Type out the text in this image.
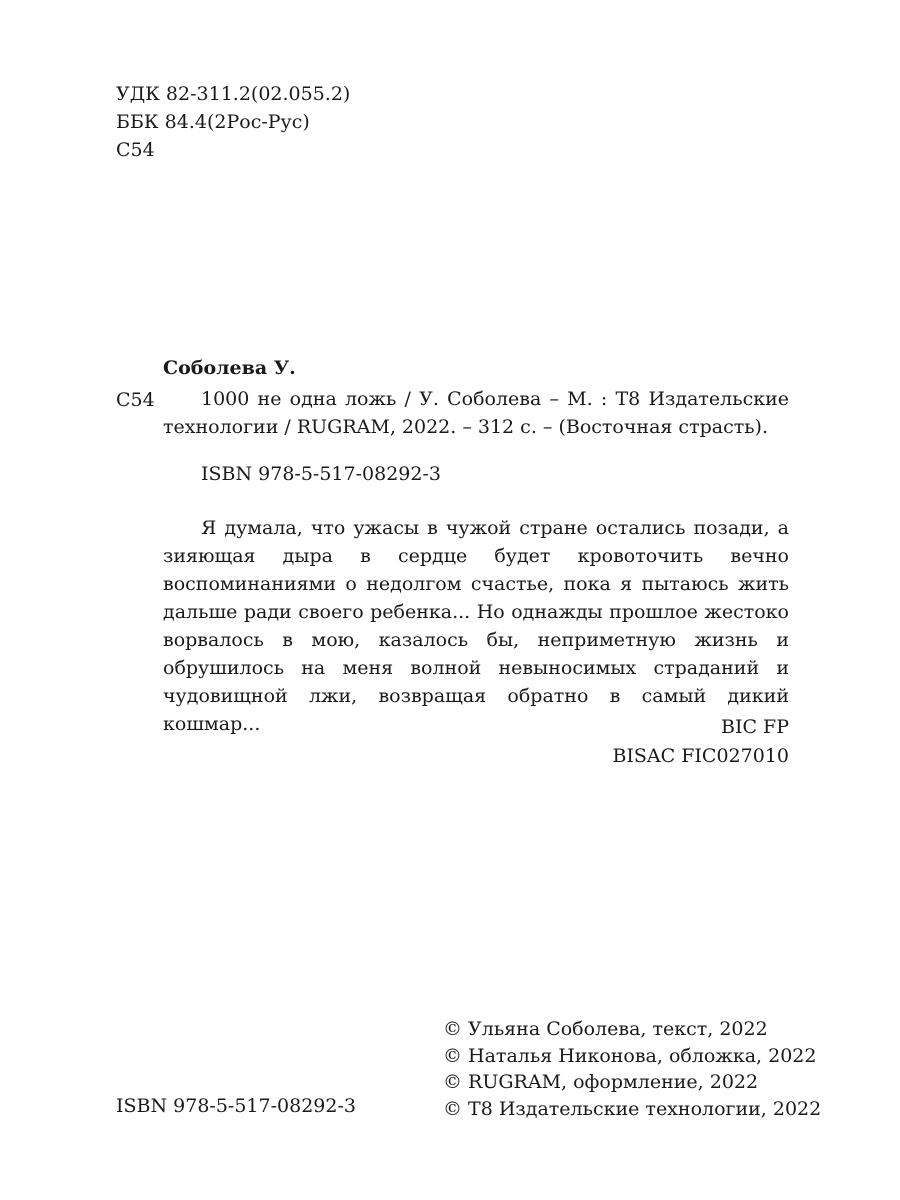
УДК 82-311.2(02.055.2)
ББК 84.4(2Рос-Рус)
С54
Соболева У.
С54	1000 не одна ложь / У. Соболева – М. : Т8 Издательские технологии / RUGRAM, 2022. – 312 с. – (Восточная страсть).
ISBN 978-5-517-08292-3
Я думала, что ужасы в чужой стране остались позади, а зияющая дыра в сердце будет кровоточить вечно воспоминаниями о недолгом счастье, пока я пытаюсь жить дальше ради своего ребенка... Но однажды прошлое жестоко ворвалось в мою, казалось бы, неприметную жизнь и обрушилось на меня волной невыносимых страданий и чудовищной лжи, возвращая обратно в самый дикий кошмар...	BIC FP
BISAC FIC027010
© Ульяна Соболева, текст, 2022
© Наталья Никонова, обложка, 2022
© RUGRAM, оформление, 2022
© Т8 Издательские технологии, 2022
ISBN 978-5-517-08292-3
